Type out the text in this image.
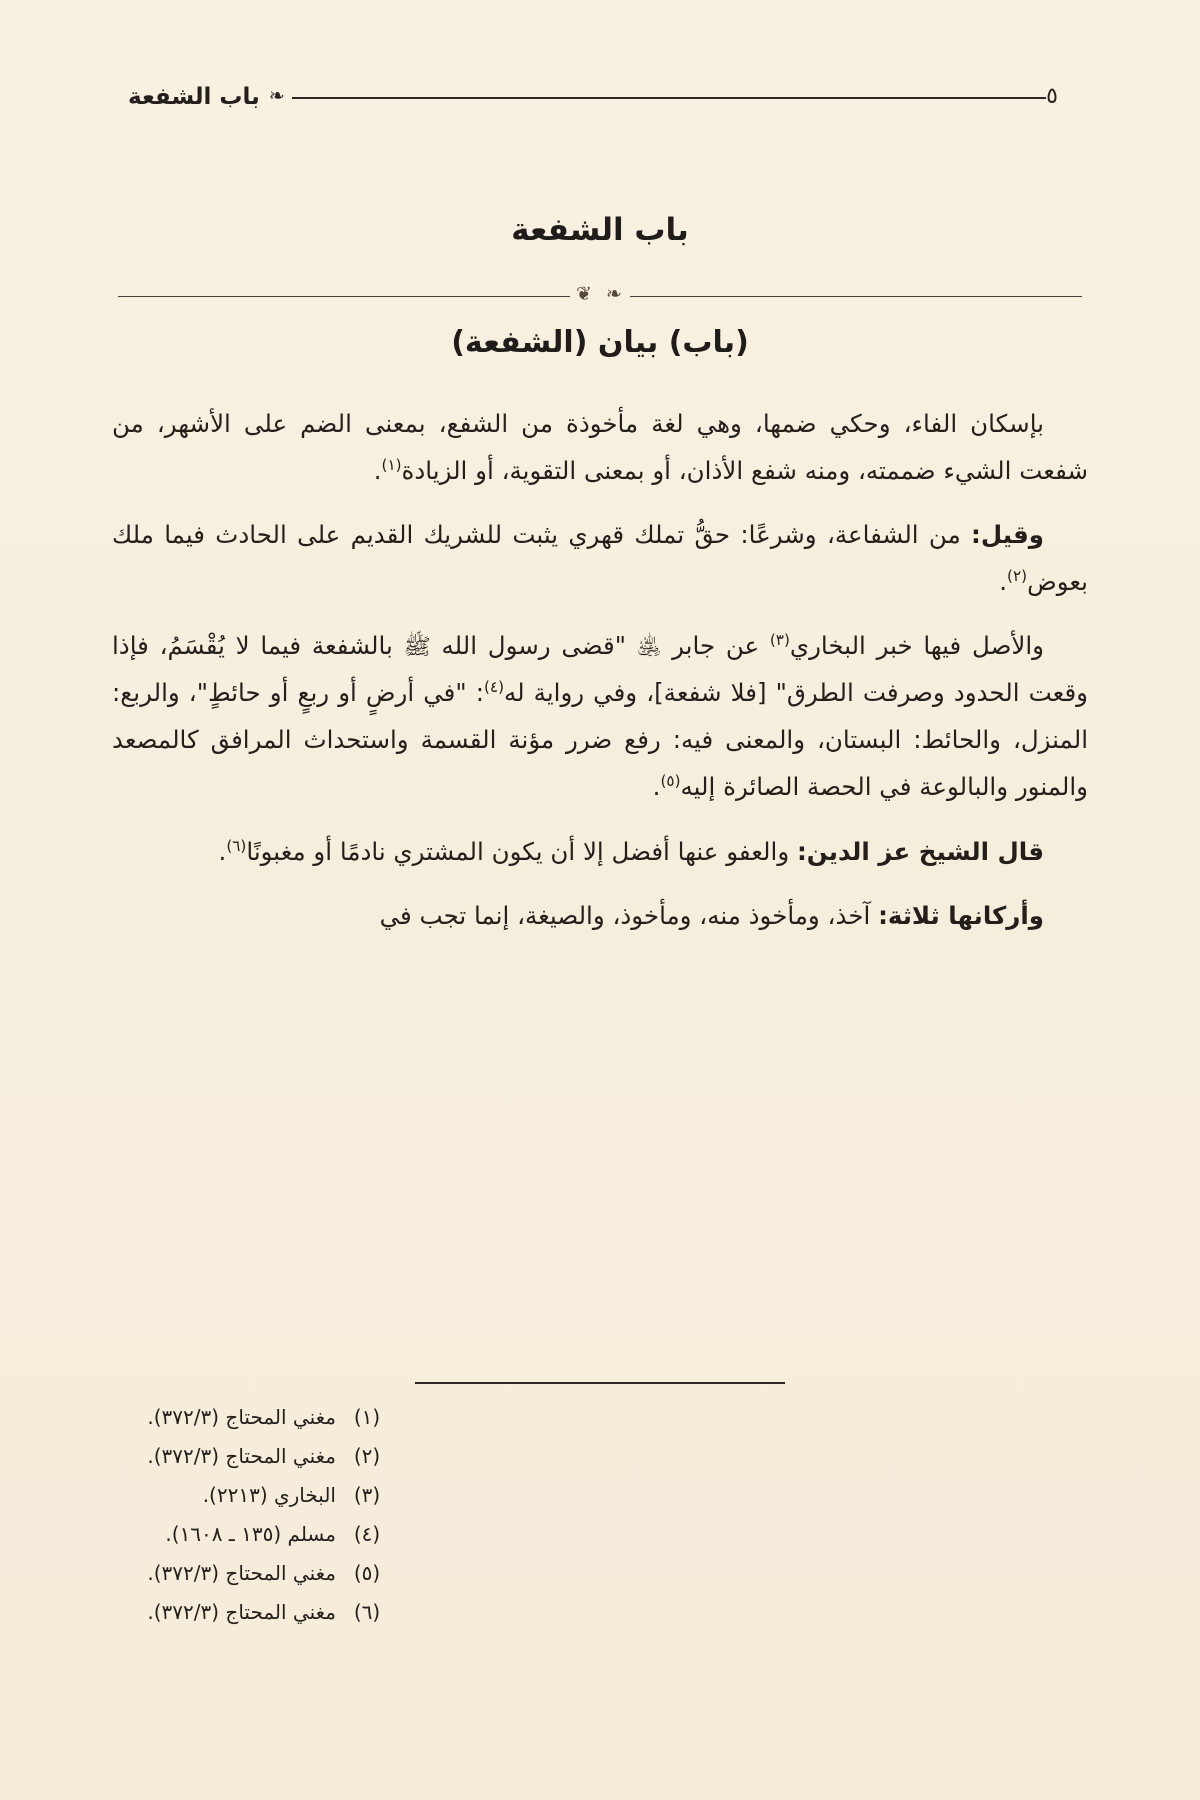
باب الشفعة ❧	٥
باب الشفعة
❧
❦
(باب) بيان (الشفعة)
بإسكان الفاء، وحكي ضمها، وهي لغة مأخوذة من الشفع، بمعنى الضم على الأشهر، من شفعت الشيء ضممته، ومنه شفع الأذان، أو بمعنى التقوية، أو الزيادة$^{(١)}$.
وقيل: من الشفاعة، وشرعًا: حقُّ تملك قهري يثبت للشريك القديم على الحادث فيما ملك بعوض$^{(٢)}$.
والأصل فيها خبر البخاري$^{(٣)}$ عن جابر ﵁ "قضى رسول الله ﷺ بالشفعة فيما لا يُقْسَمُ، فإذا وقعت الحدود وصرفت الطرق" [فلا شفعة]، وفي رواية له$^{(٤)}$: "في أرضٍ أو ربعٍ أو حائطٍ"، والربع: المنزل، والحائط: البستان، والمعنى فيه: رفع ضرر مؤنة القسمة واستحداث المرافق كالمصعد والمنور والبالوعة في الحصة الصائرة إليه$^{(٥)}$.
قال الشيخ عز الدين: والعفو عنها أفضل إلا أن يكون المشتري نادمًا أو مغبونًا$^{(٦)}$.
وأركانها ثلاثة: آخذ، ومأخوذ منه، ومأخوذ، والصيغة، إنما تجب في
(١)
مغني المحتاج (٣٧٢/٣).
(٢)
مغني المحتاج (٣٧٢/٣).
(٣)
البخاري (٢٢١٣).
(٤)
مسلم (١٣٥ ـ ١٦٠٨).
(٥)
مغني المحتاج (٣٧٢/٣).
(٦)
مغني المحتاج (٣٧٢/٣).
